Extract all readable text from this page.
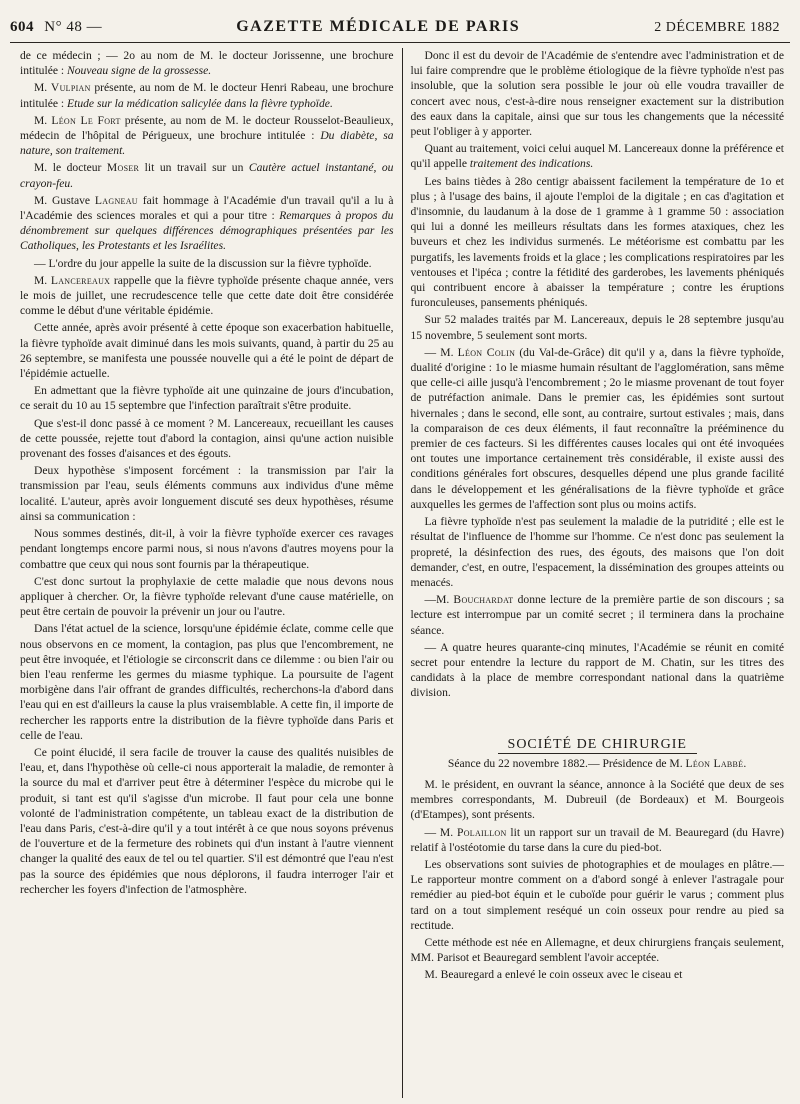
604 N° 48 —	GAZETTE MÉDICALE DE PARIS	2 DÉCEMBRE 1882

de ce médecin ; — 2o au nom de M. le docteur Jorissenne, une brochure intitulée : Nouveau signe de la grossesse.

M. Vulpian présente, au nom de M. le docteur Henri Rabeau, une brochure intitulée : Etude sur la médication salicylée dans la fièvre typhoïde.

M. Léon Le Fort présente, au nom de M. le docteur Rousselot-Beaulieux, médecin de l'hôpital de Périgueux, une brochure intitulée : Du diabète, sa nature, son traitement.

M. le docteur Moser lit un travail sur un Cautère actuel instantané, ou crayon-feu.

M. Gustave Lagneau fait hommage à l'Académie d'un travail qu'il a lu à l'Académie des sciences morales et qui a pour titre : Remarques à propos du dénombrement sur quelques différences démographiques présentées par les Catholiques, les Protestants et les Israélites.

— L'ordre du jour appelle la suite de la discussion sur la fièvre typhoïde.

M. Lancereaux rappelle que la fièvre typhoïde présente chaque année, vers le mois de juillet, une recrudescence telle que cette date doit être considérée comme le début d'une véritable épidémie.

Cette année, après avoir présenté à cette époque son exacerbation habituelle, la fièvre typhoïde avait diminué dans les mois suivants, quand, à partir du 25 au 26 septembre, se manifesta une poussée nouvelle qui a été le point de départ de l'épidémie actuelle.

En admettant que la fièvre typhoïde ait une quinzaine de jours d'incubation, ce serait du 10 au 15 septembre que l'infection paraîtrait s'être produite.

Que s'est-il donc passé à ce moment ? M. Lancereaux, recueillant les causes de cette poussée, rejette tout d'abord la contagion, ainsi qu'une action nuisible provenant des fosses d'aisances et des égouts.

Deux hypothèse s'imposent forcément : la transmission par l'air la transmission par l'eau, seuls éléments communs aux individus d'une même localité. L'auteur, après avoir longuement discuté ses deux hypothèses, résume ainsi sa communication :

Nous sommes destinés, dit-il, à voir la fièvre typhoïde exercer ces ravages pendant longtemps encore parmi nous, si nous n'avons d'autres moyens pour la combattre que ceux qui nous sont fournis par la thérapeutique.

C'est donc surtout la prophylaxie de cette maladie que nous devons nous appliquer à chercher. Or, la fièvre typhoïde relevant d'une cause matérielle, on peut être certain de pouvoir la prévenir un jour ou l'autre.

Dans l'état actuel de la science, lorsqu'une épidémie éclate, comme celle que nous observons en ce moment, la contagion, pas plus que l'encombrement, ne peut être invoquée, et l'étiologie se circonscrit dans ce dilemme : ou bien l'air ou bien l'eau renferme les germes du miasme typhique. La poursuite de l'agent morbigène dans l'air offrant de grandes difficultés, recherchons-la d'abord dans l'eau qui en est d'ailleurs la cause la plus vraisemblable. A cette fin, il importe de rechercher les rapports entre la distribution de la fièvre typhoïde dans Paris et celle de l'eau.

Ce point élucidé, il sera facile de trouver la cause des qualités nuisibles de l'eau, et, dans l'hypothèse où celle-ci nous apporterait la maladie, de remonter à la source du mal et d'arriver peut être à déterminer l'espèce du microbe qui le produit, si tant est qu'il s'agisse d'un microbe. Il faut pour cela une bonne volonté de l'administration compétente, un tableau exact de la distribution de l'eau dans Paris, c'est-à-dire qu'il y a tout intérêt à ce que nous soyons prévenus de l'ouverture et de la fermeture des robinets qui d'un instant à l'autre viennent changer la qualité des eaux de tel ou tel quartier. S'il est démontré que l'eau n'est pas la source des épidémies que nous déplorons, il faudra interroger l'air et rechercher les foyers d'infection de l'atmosphère.

Donc il est du devoir de l'Académie de s'entendre avec l'administration et de lui faire comprendre que le problème étiologique de la fièvre typhoïde n'est pas insoluble, que la solution sera possible le jour où elle voudra travailler de concert avec nous, c'est-à-dire nous renseigner exactement sur la distribution des eaux dans la capitale, ainsi que sur tous les changements que la nécessité peut l'obliger à y apporter.

Quant au traitement, voici celui auquel M. Lancereaux donne la préférence et qu'il appelle traitement des indications.

Les bains tièdes à 28o centigr abaissent facilement la température de 1o et plus ; à l'usage des bains, il ajoute l'emploi de la digitale ; en cas d'agitation et d'insomnie, du laudanum à la dose de 1 gramme à 1 gramme 50 : association qui lui a donné les meilleurs résultats dans les formes ataxiques, chez les buveurs et chez les individus surmenés. Le météorisme est combattu par les purgatifs, les lavements froids et la glace ; les complications respiratoires par les ventouses et l'ipéca ; contre la fétidité des garderobes, les lavements phéniqués qui contribuent encore à abaisser la température ; contre les éruptions furonculeuses, pansements phéniqués.

Sur 52 malades traités par M. Lancereaux, depuis le 28 septembre jusqu'au 15 novembre, 5 seulement sont morts.

— M. Léon Colin (du Val-de-Grâce) dit qu'il y a, dans la fièvre typhoïde, dualité d'origine : 1o le miasme humain résultant de l'agglomération, sans même que celle-ci aille jusqu'à l'encombrement ; 2o le miasme provenant de tout foyer de putréfaction animale. Dans le premier cas, les épidémies sont surtout hivernales ; dans le second, elle sont, au contraire, surtout estivales ; mais, dans la comparaison de ces deux éléments, il faut reconnaître la prééminence du premier de ces facteurs. Si les différentes causes locales qui ont été invoquées ont toutes une importance certainement très considérable, il existe aussi des conditions générales fort obscures, desquelles dépend une plus grande facilité dans le développement et les généralisations de la fièvre typhoïde et grâce auxquelles les germes de l'affection sont plus ou moins actifs.

La fièvre typhoïde n'est pas seulement la maladie de la putridité ; elle est le résultat de l'influence de l'homme sur l'homme. Ce n'est donc pas seulement la propreté, la désinfection des rues, des égouts, des maisons que l'on doit demander, c'est, en outre, l'espacement, la dissémination des groupes atteints ou menacés.

—M. Bouchardat donne lecture de la première partie de son discours ; sa lecture est interrompue par un comité secret ; il terminera dans la prochaine séance.

— A quatre heures quarante-cinq minutes, l'Académie se réunit en comité secret pour entendre la lecture du rapport de M. Chatin, sur les titres des candidats à la place de membre correspondant national dans la quatrième division.

SOCIÉTÉ DE CHIRURGIE

Séance du 22 novembre 1882.— Présidence de M. Léon Labbé.

M. le président, en ouvrant la séance, annonce à la Société que deux de ses membres correspondants, M. Dubreuil (de Bordeaux) et M. Bourgeois (d'Etampes), sont présents.

— M. Polaillon lit un rapport sur un travail de M. Beauregard (du Havre) relatif à l'ostéotomie du tarse dans la cure du pied-bot.

Les observations sont suivies de photographies et de moulages en plâtre.—Le rapporteur montre comment on a d'abord songé à enlever l'astragale pour remédier au pied-bot équin et le cuboïde pour guérir le varus ; comment plus tard on a tout simplement reséqué un coin osseux pour rendre au pied sa rectitude.

Cette méthode est née en Allemagne, et deux chirurgiens français seulement, MM. Parisot et Beauregard semblent l'avoir acceptée.

M. Beauregard a enlevé le coin osseux avec le ciseau et
